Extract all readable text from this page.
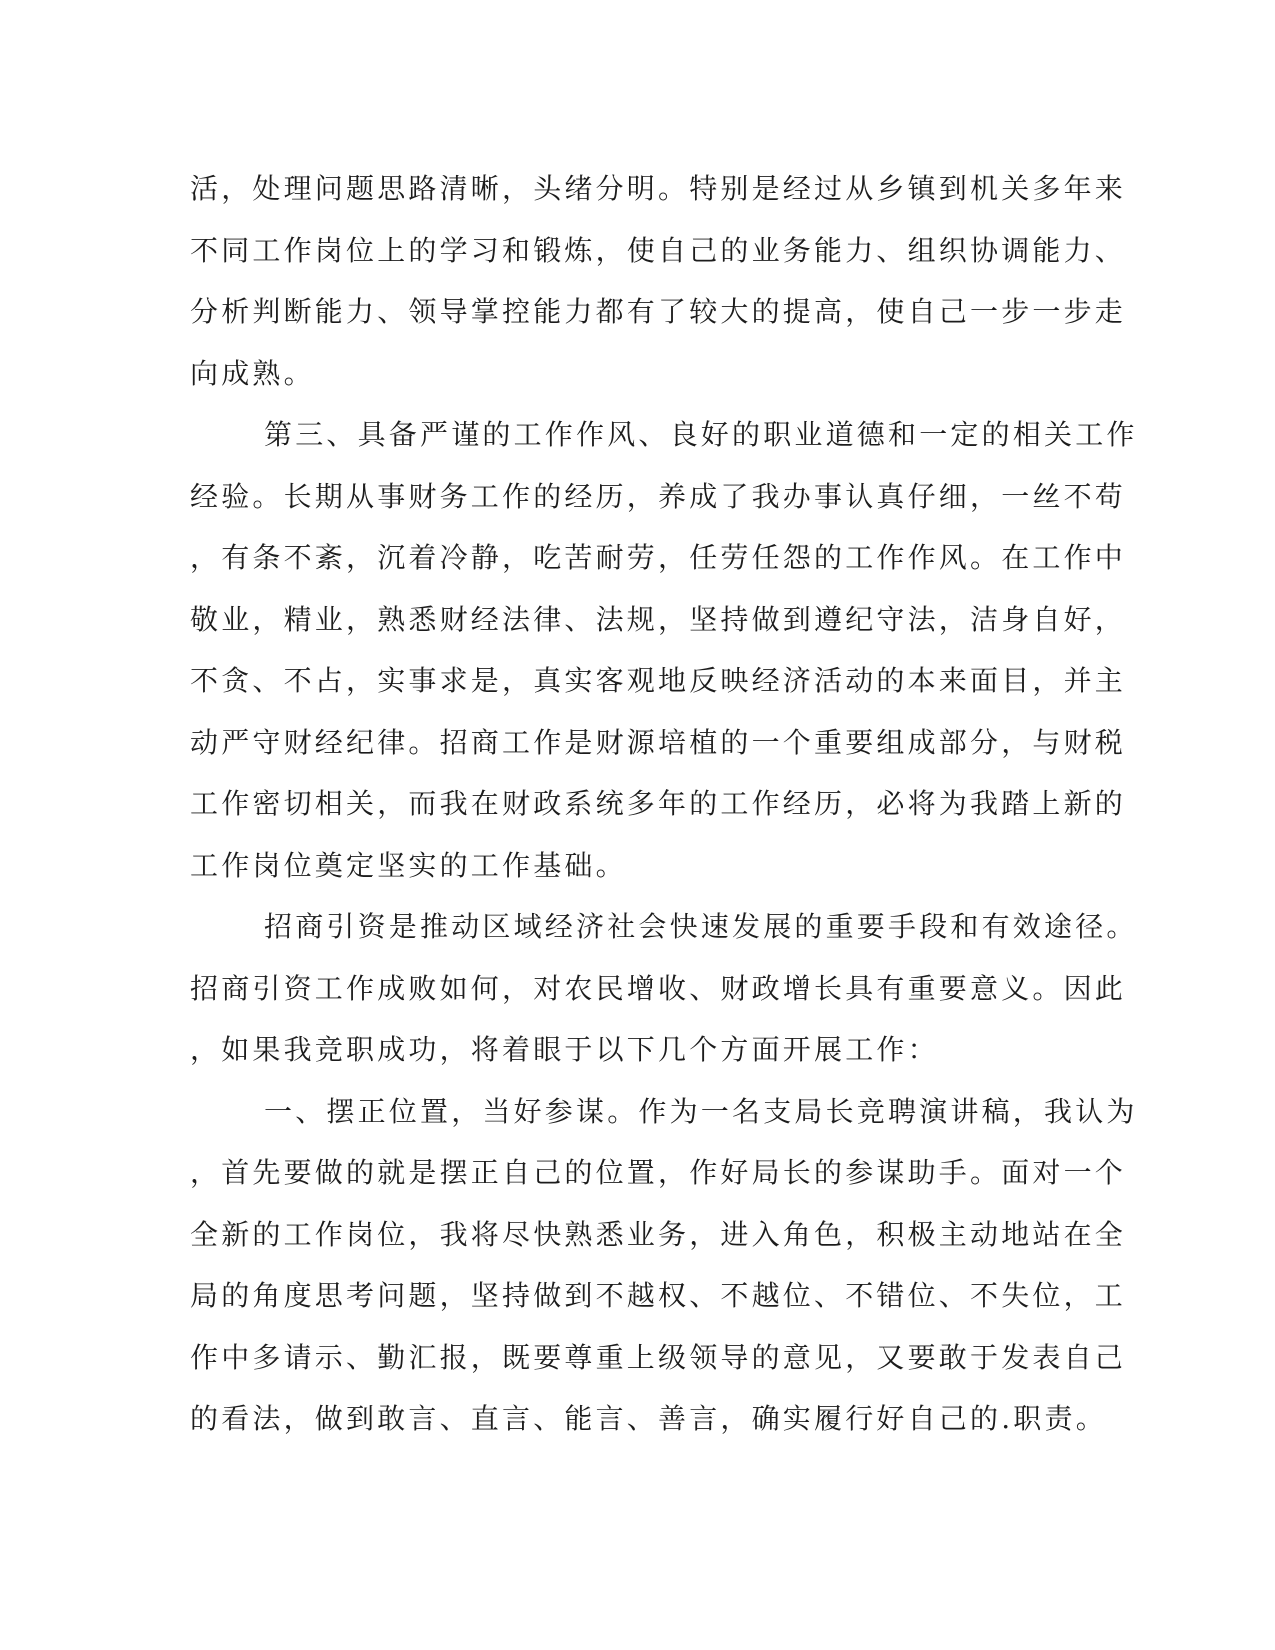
活，处理问题思路清晰，头绪分明。特别是经过从乡镇到机关多年来
不同工作岗位上的学习和锻炼，使自己的业务能力、组织协调能力、
分析判断能力、领导掌控能力都有了较大的提高，使自己一步一步走
向成熟。
第三、具备严谨的工作作风、良好的职业道德和一定的相关工作
经验。长期从事财务工作的经历，养成了我办事认真仔细，一丝不苟
，有条不紊，沉着冷静，吃苦耐劳，任劳任怨的工作作风。在工作中
敬业，精业，熟悉财经法律、法规，坚持做到遵纪守法，洁身自好，
不贪、不占，实事求是，真实客观地反映经济活动的本来面目，并主
动严守财经纪律。招商工作是财源培植的一个重要组成部分，与财税
工作密切相关，而我在财政系统多年的工作经历，必将为我踏上新的
工作岗位奠定坚实的工作基础。
招商引资是推动区域经济社会快速发展的重要手段和有效途径。
招商引资工作成败如何，对农民增收、财政增长具有重要意义。因此
，如果我竞职成功，将着眼于以下几个方面开展工作：
一、摆正位置，当好参谋。作为一名支局长竞聘演讲稿，我认为
，首先要做的就是摆正自己的位置，作好局长的参谋助手。面对一个
全新的工作岗位，我将尽快熟悉业务，进入角色，积极主动地站在全
局的角度思考问题，坚持做到不越权、不越位、不错位、不失位，工
作中多请示、勤汇报，既要尊重上级领导的意见，又要敢于发表自己
的看法，做到敢言、直言、能言、善言，确实履行好自己的.职责。
